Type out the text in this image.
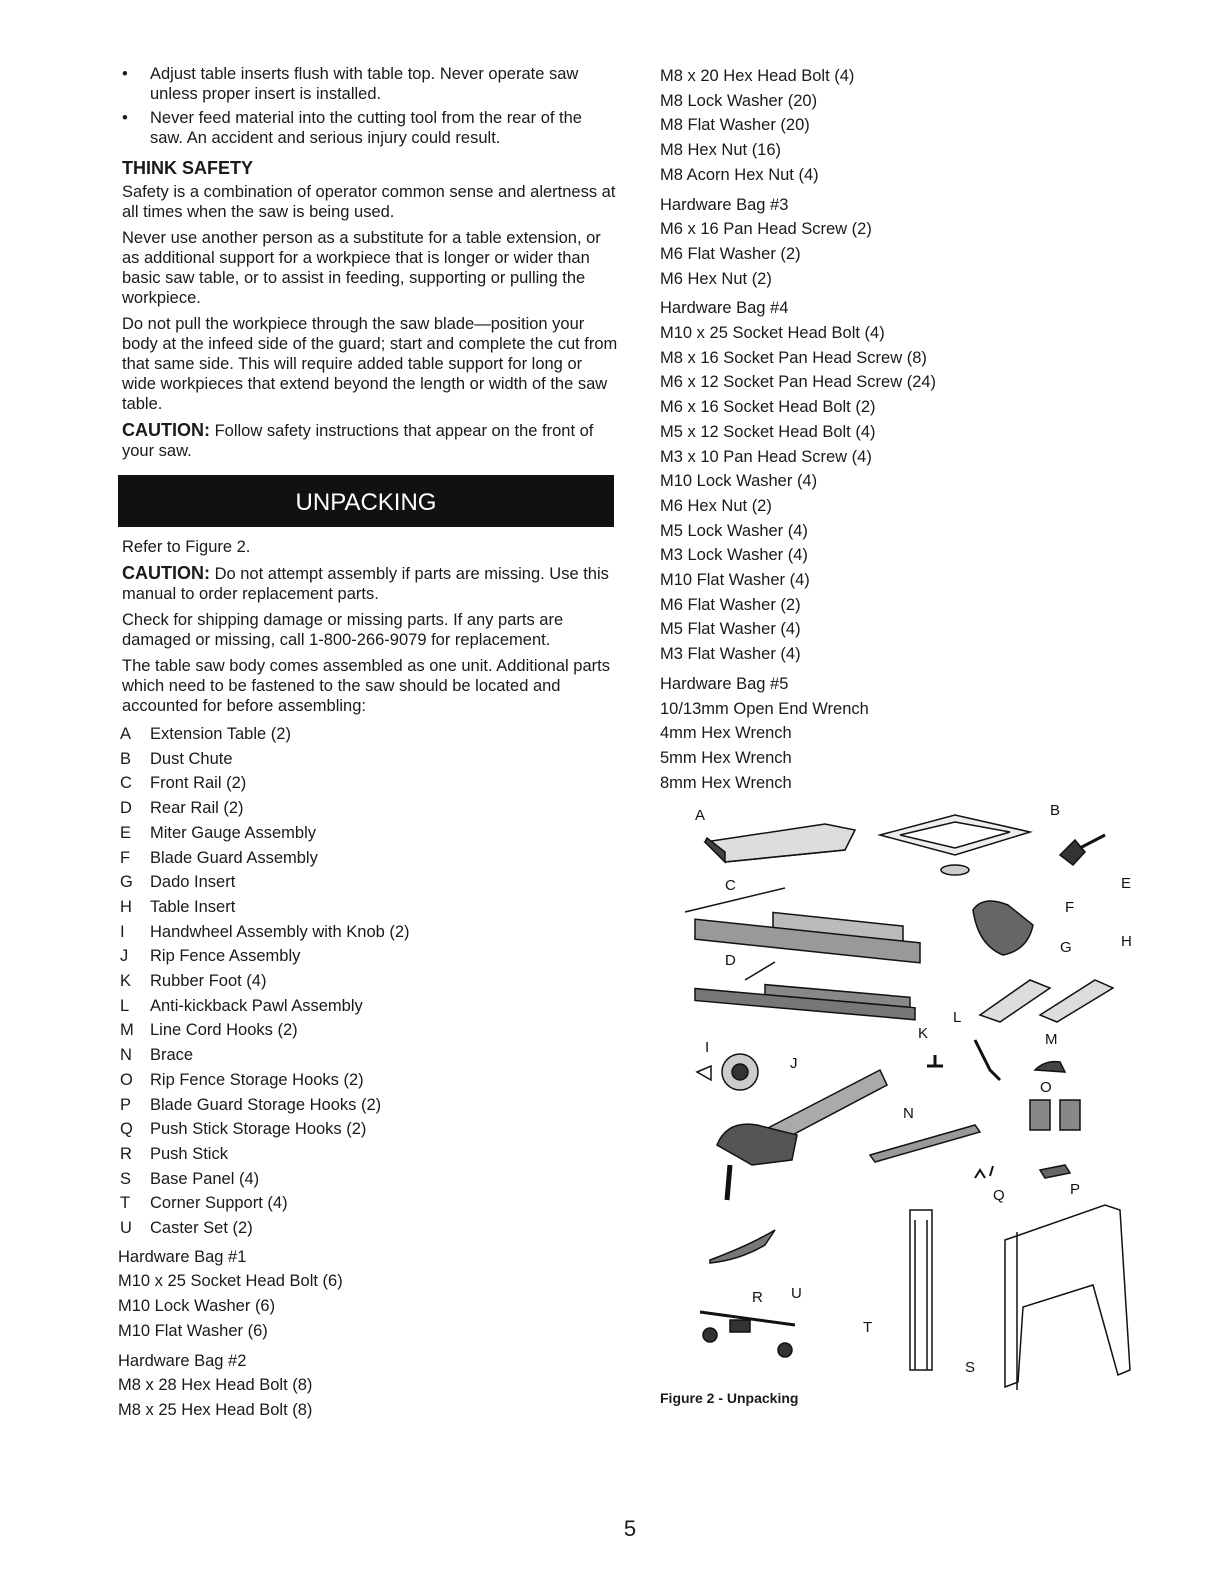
• Adjust table inserts flush with table top. Never operate saw unless proper insert is installed.
• Never feed material into the cutting tool from the rear of the saw. An accident and serious injury could result.
THINK SAFETY

Safety is a combination of operator common sense and alertness at all times when the saw is being used.

Never use another person as a substitute for a table extension, or as additional support for a workpiece that is longer or wider than basic saw table, or to assist in feeding, supporting or pulling the workpiece.

Do not pull the workpiece through the saw blade—position your body at the infeed side of the guard; start and complete the cut from that same side. This will require added table support for long or wide workpieces that extend beyond the length or width of the saw table.

CAUTION: Follow safety instructions that appear on the front of your saw.

UNPACKING

Refer to Figure 2.

CAUTION: Do not attempt assembly if parts are missing. Use this manual to order replacement parts.

Check for shipping damage or missing parts. If any parts are damaged or missing, call 1-800-266-9079 for replacement.

The table saw body comes assembled as one unit. Additional parts which need to be fastened to the saw should be located and accounted for before assembling:

A	Extension Table (2)
B	Dust Chute
C	Front Rail (2)
D	Rear Rail (2)
E	Miter Gauge Assembly
F	Blade Guard Assembly
G	Dado Insert
H	Table Insert
I	Handwheel Assembly with Knob (2)
J	Rip Fence Assembly
K	Rubber Foot (4)
L	Anti-kickback Pawl Assembly
M Line Cord Hooks (2)
N	Brace
O	Rip Fence Storage Hooks (2)
P	Blade Guard Storage Hooks (2)
Q	Push Stick Storage Hooks (2)
R	Push Stick
S	Base Panel (4)
T	Corner Support (4)
U	Caster Set (2)
Hardware Bag #1
M10 x 25 Socket Head Bolt (6)
M10 Lock Washer (6)
M10 Flat Washer (6)
Hardware Bag #2
M8 x 28 Hex Head Bolt (8)
M8 x 25 Hex Head Bolt (8)
M8 x 20 Hex Head Bolt (4)
M8 Lock Washer (20)
M8 Flat Washer (20)
M8 Hex Nut (16)
M8 Acorn Hex Nut (4)
Hardware Bag #3
M6 x 16 Pan Head Screw (2)
M6 Flat Washer (2)
M6 Hex Nut (2)
Hardware Bag #4
M10 x 25 Socket Head Bolt (4)
M8 x 16 Socket Pan Head Screw (8)
M6 x 12 Socket Pan Head Screw (24)
M6 x 16 Socket Head Bolt (2)
M5 x 12 Socket Head Bolt (4)
M3 x 10 Pan Head Screw (4)
M10 Lock Washer (4)
M6 Hex Nut (2)
M5 Lock Washer (4)
M3 Lock Washer (4)
M10 Flat Washer (4)
M6 Flat Washer (2)
M5 Flat Washer (4)
M3 Flat Washer (4)
Hardware Bag #5
10/13mm Open End Wrench
4mm Hex Wrench
5mm Hex Wrench
8mm Hex Wrench
A	B
C
D
E
F
G	H
I
J
K
L
M
N
O
P
Q
R
S
T
U
Figure 2 - Unpacking
5
